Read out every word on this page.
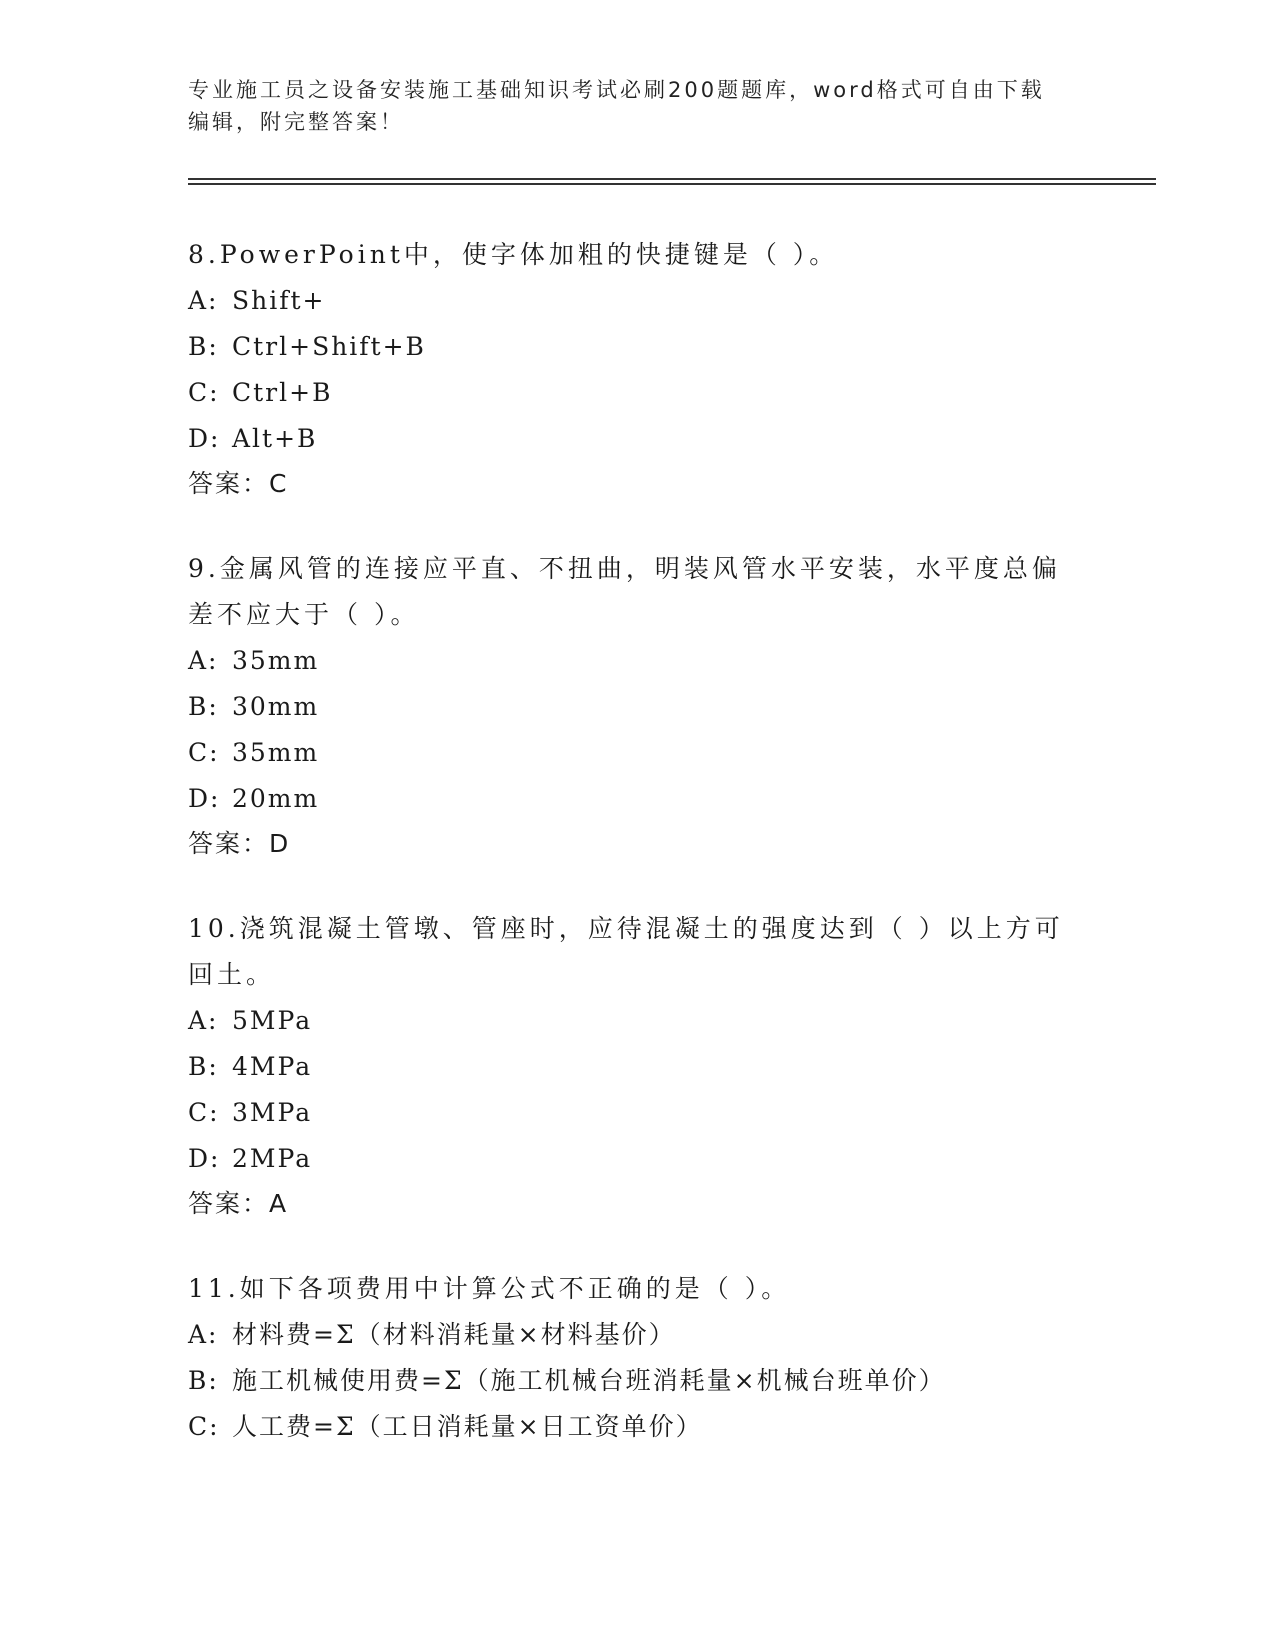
专业施工员之设备安装施工基础知识考试必刷200题题库，word格式可自由下载
编辑，附完整答案！

8.PowerPoint中，使字体加粗的快捷键是（ ）。

A: Shift+

B: Ctrl+Shift+B

C: Ctrl+B

D: Alt+B

答案：C

9.金属风管的连接应平直、不扭曲，明装风管水平安装，水平度总偏差不应大于（ ）。

A: 35mm

B: 30mm

C: 35mm

D: 20mm

答案：D

10.浇筑混凝土管墩、管座时，应待混凝土的强度达到（ ）以上方可回土。

A: 5MPa

B: 4MPa

C: 3MPa

D: 2MPa

答案：A

11.如下各项费用中计算公式不正确的是（ ）。

A: 材料费=Σ（材料消耗量×材料基价）

B: 施工机械使用费=Σ（施工机械台班消耗量×机械台班单价）

C: 人工费=Σ（工日消耗量×日工资单价）
